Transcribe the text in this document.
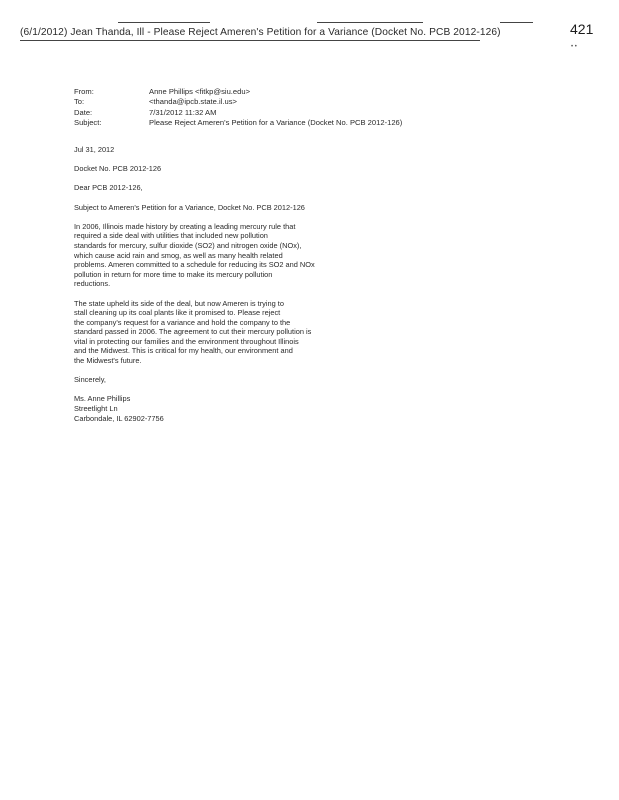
(6/1/2012) Jean Thanda, Ill - Please Reject Ameren's Petition for a Variance (Docket No. PCB 2012-126)	421
• •
From:	Anne Phillips <fitkp@siu.edu>
To:	<thanda@ipcb.state.il.us>
Date:	7/31/2012 11:32 AM
Subject:	Please Reject Ameren's Petition for a Variance (Docket No. PCB 2012-126)

Jul 31, 2012

Docket No. PCB 2012-126

Dear PCB 2012-126,

Subject to Ameren's Petition for a Variance, Docket No. PCB 2012-126

In 2006, Illinois made history by creating a leading mercury rule that
required a side deal with utilities that included new pollution
standards for mercury, sulfur dioxide (SO2) and nitrogen oxide (NOx),
which cause acid rain and smog, as well as many health related
problems. Ameren committed to a schedule for reducing its SO2 and NOx
pollution in return for more time to make its mercury pollution
reductions.
The state upheld its side of the deal, but now Ameren is trying to
stall cleaning up its coal plants like it promised to. Please reject
the company's request for a variance and hold the company to the
standard passed in 2006. The agreement to cut their mercury pollution is
vital in protecting our families and the environment throughout Illinois
and the Midwest. This is critical for my health, our environment and
the Midwest's future.

Sincerely,

Ms. Anne Phillips
Streetlight Ln
Carbondale, IL 62902-7756
